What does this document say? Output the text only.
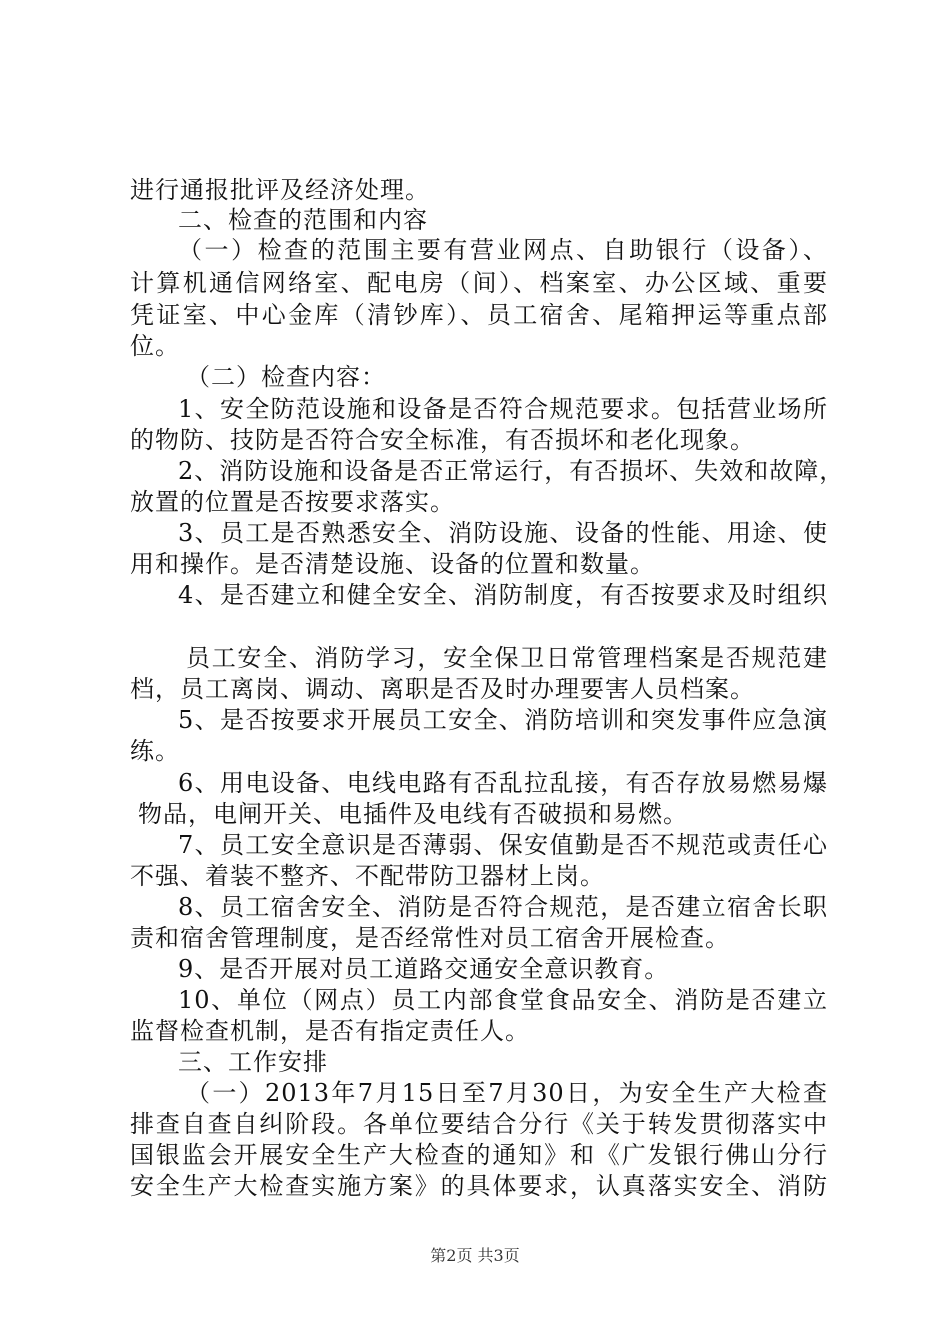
进行通报批评及经济处理。
二、检查的范围和内容
（一）检查的范围主要有营业网点、自助银行（设备）、
计算机通信网络室、配电房（间）、档案室、办公区域、重要
凭证室、中心金库（清钞库）、员工宿舍、尾箱押运等重点部
位。
（二）检查内容：
1、安全防范设施和设备是否符合规范要求。包括营业场所
的物防、技防是否符合安全标准，有否损坏和老化现象。
2、消防设施和设备是否正常运行，有否损坏、失效和故障，
放置的位置是否按要求落实。
3、员工是否熟悉安全、消防设施、设备的性能、用途、使
用和操作。是否清楚设施、设备的位置和数量。
4、是否建立和健全安全、消防制度，有否按要求及时组织
员工安全、消防学习，安全保卫日常管理档案是否规范建
档，员工离岗、调动、离职是否及时办理要害人员档案。
5、是否按要求开展员工安全、消防培训和突发事件应急演
练。
6、用电设备、电线电路有否乱拉乱接，有否存放易燃易爆
物品，电闸开关、电插件及电线有否破损和易燃。
7、员工安全意识是否薄弱、保安值勤是否不规范或责任心
不强、着装不整齐、不配带防卫器材上岗。
8、员工宿舍安全、消防是否符合规范，是否建立宿舍长职
责和宿舍管理制度，是否经常性对员工宿舍开展检查。
9、是否开展对员工道路交通安全意识教育。
10、单位（网点）员工内部食堂食品安全、消防是否建立
监督检查机制，是否有指定责任人。
三、工作安排
（一）2013年7月15日至7月30日，为安全生产大检查
排查自查自纠阶段。各单位要结合分行《关于转发贯彻落实中
国银监会开展安全生产大检查的通知》和《广发银行佛山分行
安全生产大检查实施方案》的具体要求，认真落实安全、消防
第2页 共3页
